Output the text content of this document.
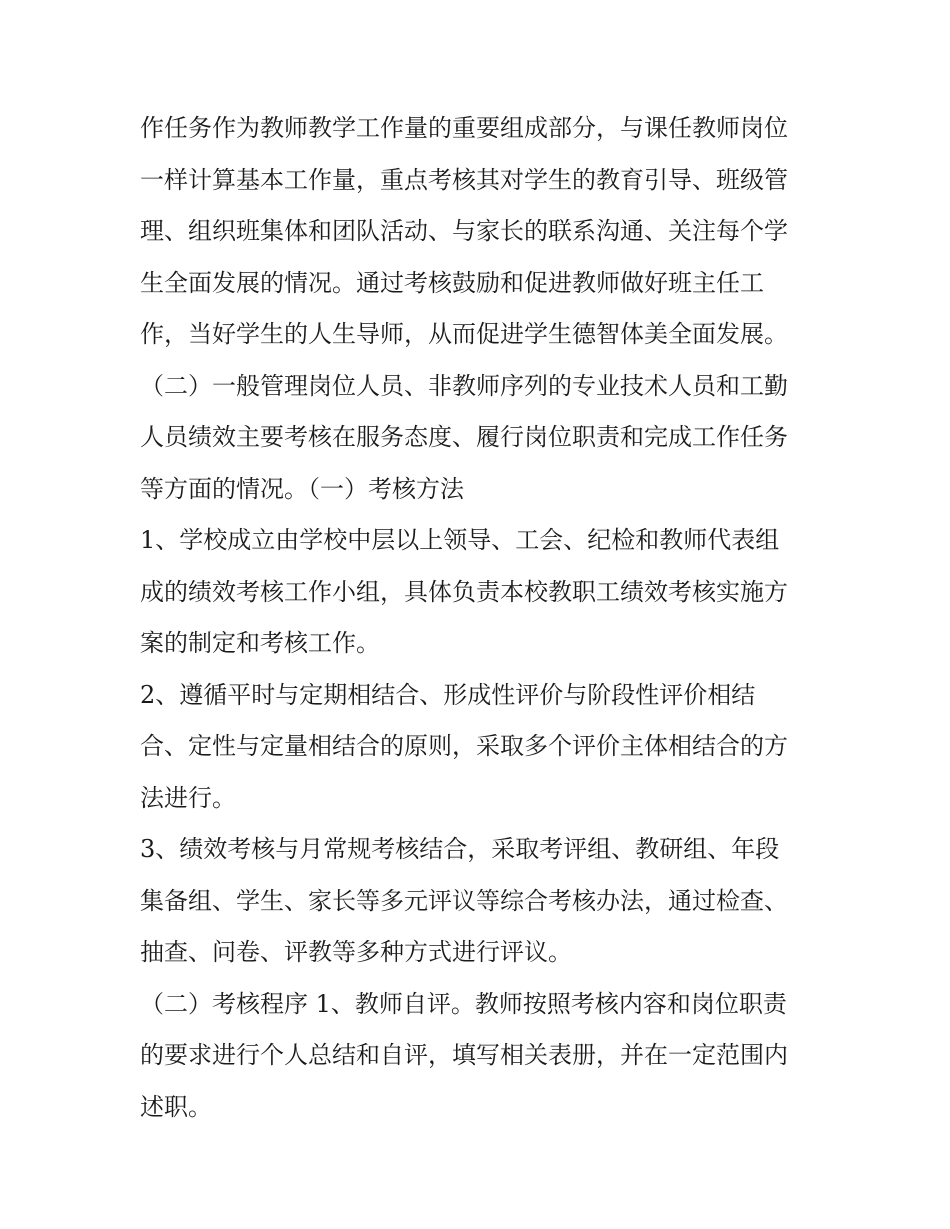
作任务作为教师教学工作量的重要组成部分，与课任教师岗位

一样计算基本工作量，重点考核其对学生的教育引导、班级管

理、组织班集体和团队活动、与家长的联系沟通、关注每个学

生全面发展的情况。通过考核鼓励和促进教师做好班主任工

作，当好学生的人生导师，从而促进学生德智体美全面发展。

（二）一般管理岗位人员、非教师序列的专业技术人员和工勤

人员绩效主要考核在服务态度、履行岗位职责和完成工作任务

等方面的情况。（一）考核方法

1、学校成立由学校中层以上领导、工会、纪检和教师代表组

成的绩效考核工作小组，具体负责本校教职工绩效考核实施方

案的制定和考核工作。

2、遵循平时与定期相结合、形成性评价与阶段性评价相结

合、定性与定量相结合的原则，采取多个评价主体相结合的方

法进行。

3、绩效考核与月常规考核结合，采取考评组、教研组、年段

集备组、学生、家长等多元评议等综合考核办法，通过检查、

抽查、问卷、评教等多种方式进行评议。

（二）考核程序 1、教师自评。教师按照考核内容和岗位职责

的要求进行个人总结和自评，填写相关表册，并在一定范围内

述职。
